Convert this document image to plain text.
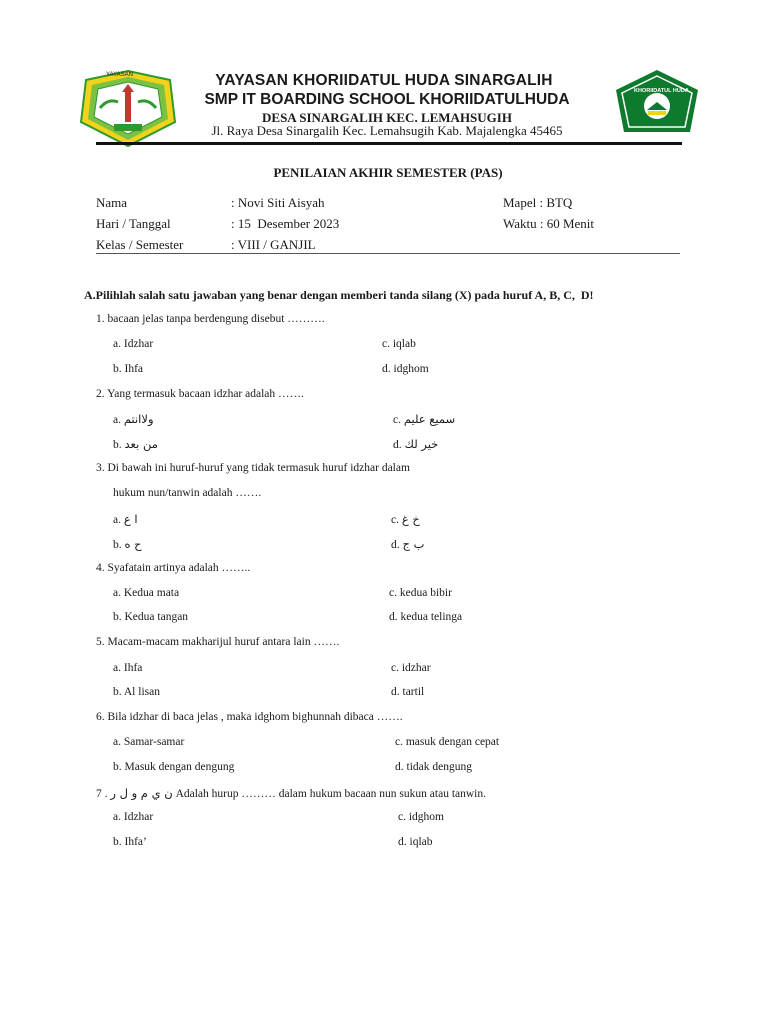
YAYASAN
KHORIIDATUL HUDA
YAYASAN KHORIIDATUL HUDA SINARGALIH
SMP IT BOARDING SCHOOL KHORIIDATULHUDA
DESA SINARGALIH KEC. LEMAHSUGIH
Jl. Raya Desa Sinargalih Kec. Lemahsugih Kab. Majalengka 45465
PENILAIAN AKHIR SEMESTER (PAS)
Nama	: Novi Siti Aisyah	Mapel : BTQ
Hari / Tanggal	: 15  Desember 2023	Waktu : 60 Menit
Kelas / Semester	: VIII / GANJIL
A.Pilihlah salah satu jawaban yang benar dengan memberi tanda silang (X) pada huruf A, B, C,  D!
1. bacaan jelas tanpa berdengung disebut ……….
a. Idzhar	c. iqlab
b. Ihfa	d. idghom
2. Yang termasuk bacaan idzhar adalah …….
a. ولاانتم	c. سميع عليم
b. من بعد	d. خير لك
3. Di bawah ini huruf-huruf yang tidak termasuk huruf idzhar dalam
hukum nun/tanwin adalah …….
a. ا ع	c. خ غ
b. ح ه	d. ب ج
4. Syafatain artinya adalah ……..
a. Kedua mata	c. kedua bibir
b. Kedua tangan	d. kedua telinga
5. Macam-macam makharijul huruf antara lain …….
a. Ihfa	c. idzhar
b. Al lisan	d. tartil
6. Bila idzhar di baca jelas , maka idghom bighunnah dibaca …….
a. Samar-samar	c. masuk dengan cepat
b. Masuk dengan dengung	d. tidak dengung
7 . ن ي م و ل ر Adalah hurup ……… dalam hukum bacaan nun sukun atau tanwin.
a. Idzhar	c. idghom
b. Ihfa’	d. iqlab
